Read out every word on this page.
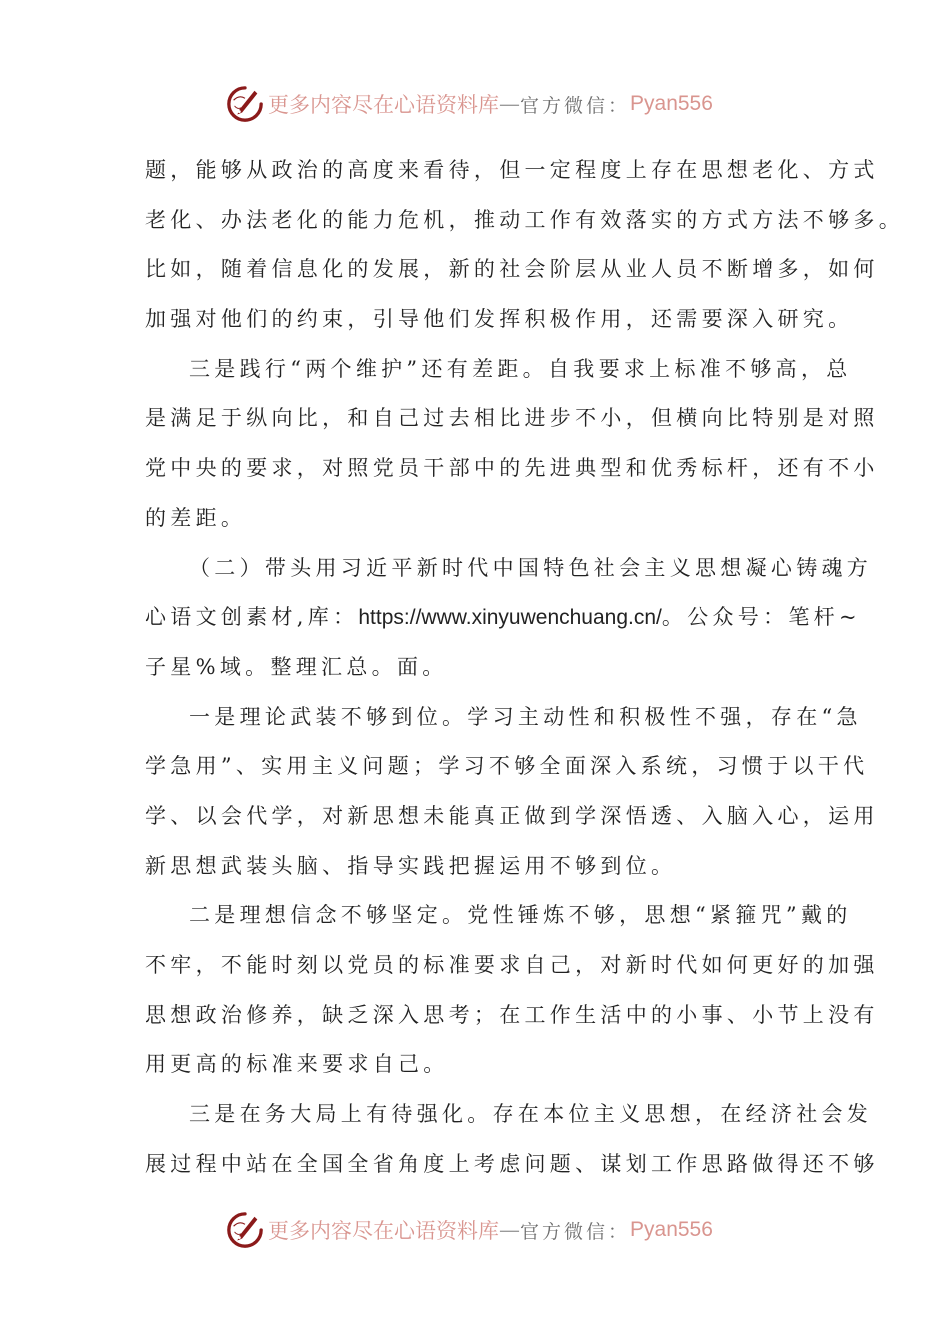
更多内容尽在心语资料库 — 官方微信： Pyan556
题，能够从政治的高度来看待，但一定程度上存在思想老化、方式
老化、办法老化的能力危机，推动工作有效落实的方式方法不够多。
比如，随着信息化的发展，新的社会阶层从业人员不断增多，如何
加强对他们的约束，引导他们发挥积极作用，还需要深入研究。
三是践行“两个维护”还有差距。自我要求上标准不够高，总
是满足于纵向比，和自己过去相比进步不小，但横向比特别是对照
党中央的要求，对照党员干部中的先进典型和优秀标杆，还有不小
的差距。
（二）带头用习近平新时代中国特色社会主义思想凝心铸魂方
心语文创素材,库：https://www.xinyuwenchuang.cn/。公众号：笔杆~
子星%域。整理汇总。面。
一是理论武装不够到位。学习主动性和积极性不强，存在“急
学急用”、实用主义问题；学习不够全面深入系统，习惯于以干代
学、以会代学，对新思想未能真正做到学深悟透、入脑入心，运用
新思想武装头脑、指导实践把握运用不够到位。
二是理想信念不够坚定。党性锤炼不够，思想“紧箍咒”戴的
不牢，不能时刻以党员的标准要求自己，对新时代如何更好的加强
思想政治修养，缺乏深入思考；在工作生活中的小事、小节上没有
用更高的标准来要求自己。
三是在务大局上有待强化。存在本位主义思想，在经济社会发
展过程中站在全国全省角度上考虑问题、谋划工作思路做得还不够
更多内容尽在心语资料库 — 官方微信： Pyan556
